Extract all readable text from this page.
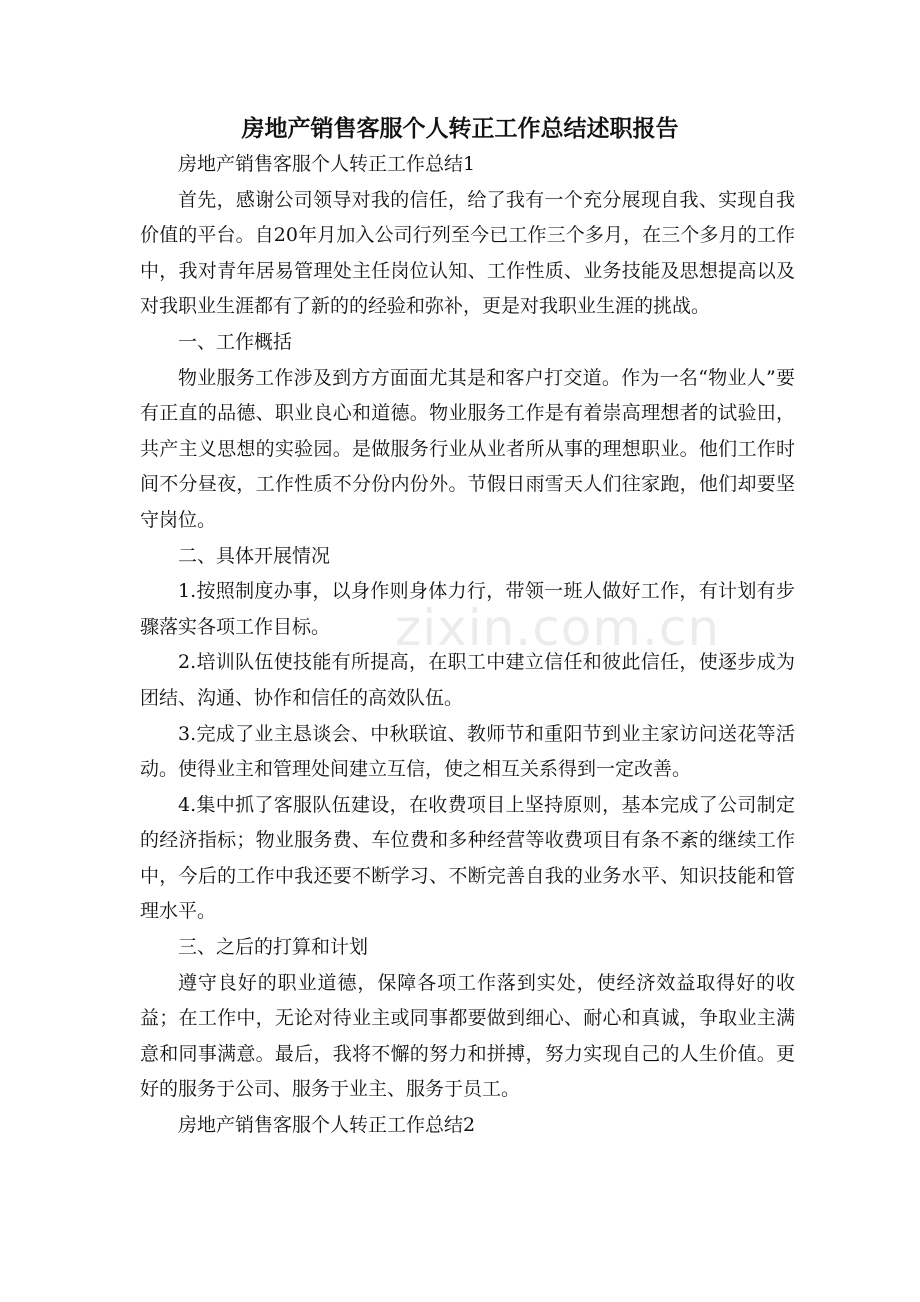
房地产销售客服个人转正工作总结述职报告

房地产销售客服个人转正工作总结1

首先，感谢公司领导对我的信任，给了我有一个充分展现自我、实现自我价值的平台。自20年月加入公司行列至今已工作三个多月，在三个多月的工作中，我对青年居易管理处主任岗位认知、工作性质、业务技能及思想提高以及对我职业生涯都有了新的的经验和弥补，更是对我职业生涯的挑战。

一、工作概括

物业服务工作涉及到方方面面尤其是和客户打交道。作为一名“物业人”要有正直的品德、职业良心和道德。物业服务工作是有着崇高理想者的试验田，共产主义思想的实验园。是做服务行业从业者所从事的理想职业。他们工作时间不分昼夜，工作性质不分份内份外。节假日雨雪天人们往家跑，他们却要坚守岗位。

二、具体开展情况

1.按照制度办事，以身作则身体力行，带领一班人做好工作，有计划有步骤落实各项工作目标。

2.培训队伍使技能有所提高，在职工中建立信任和彼此信任，使逐步成为团结、沟通、协作和信任的高效队伍。

3.完成了业主恳谈会、中秋联谊、教师节和重阳节到业主家访问送花等活动。使得业主和管理处间建立互信，使之相互关系得到一定改善。

4.集中抓了客服队伍建设，在收费项目上坚持原则，基本完成了公司制定的经济指标；物业服务费、车位费和多种经营等收费项目有条不紊的继续工作中，今后的工作中我还要不断学习、不断完善自我的业务水平、知识技能和管理水平。

三、之后的打算和计划

遵守良好的职业道德，保障各项工作落到实处，使经济效益取得好的收益；在工作中，无论对待业主或同事都要做到细心、耐心和真诚，争取业主满意和同事满意。最后，我将不懈的努力和拼搏，努力实现自己的人生价值。更好的服务于公司、服务于业主、服务于员工。

房地产销售客服个人转正工作总结2

zixin.com.cn
